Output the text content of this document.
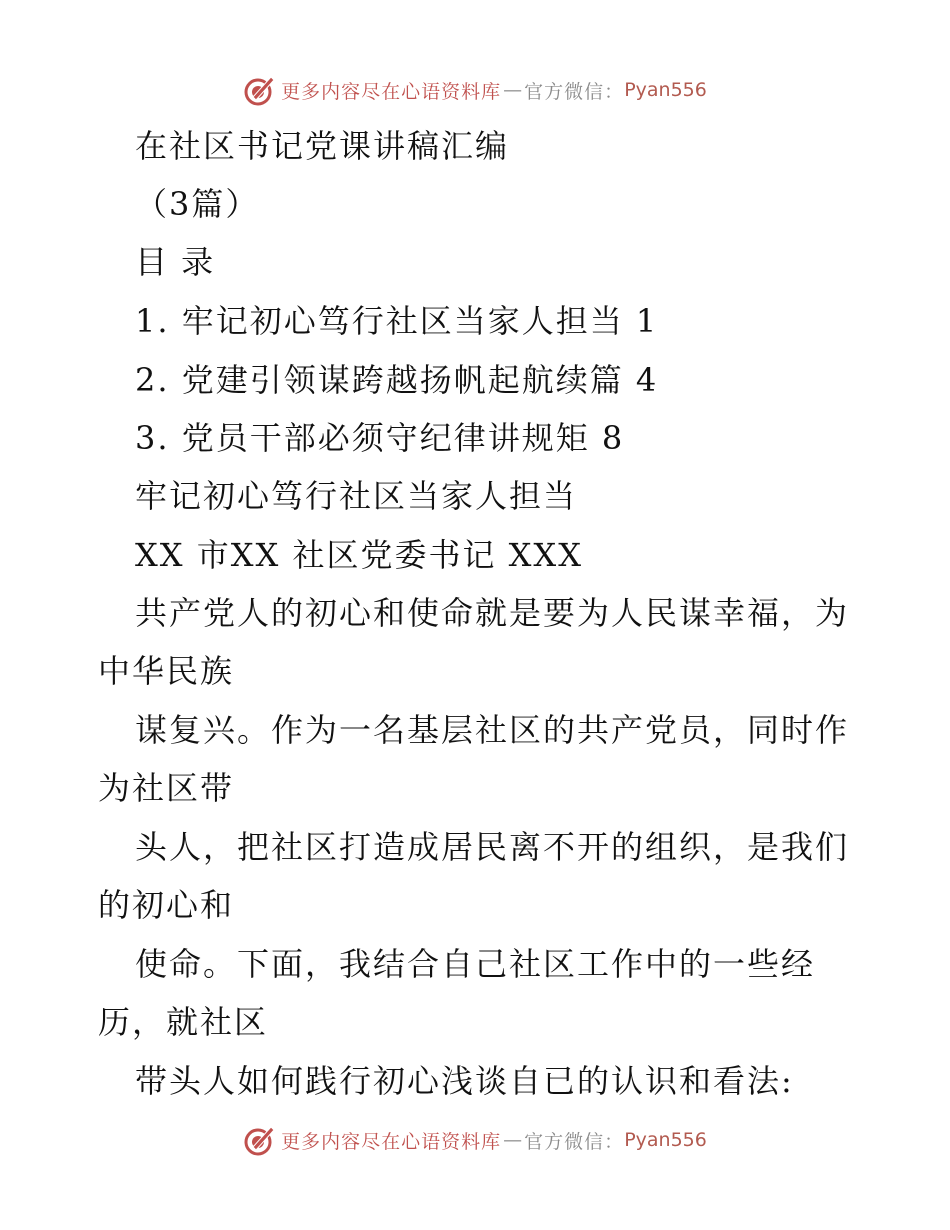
更多内容尽在心语资料库 — 官方微信： Pyan556
在社区书记党课讲稿汇编
（3篇）
目 录
1. 牢记初心笃行社区当家人担当 1
2. 党建引领谋跨越扬帆起航续篇 4
3. 党员干部必须守纪律讲规矩 8
牢记初心笃行社区当家人担当
XX 市XX 社区党委书记 XXX
共产党人的初心和使命就是要为人民谋幸福，为
中华民族
谋复兴。作为一名基层社区的共产党员，同时作
为社区带
头人，把社区打造成居民离不开的组织，是我们
的初心和
使命。下面，我结合自己社区工作中的一些经
历，就社区
带头人如何践行初心浅谈自已的认识和看法:
更多内容尽在心语资料库 — 官方微信： Pyan556
